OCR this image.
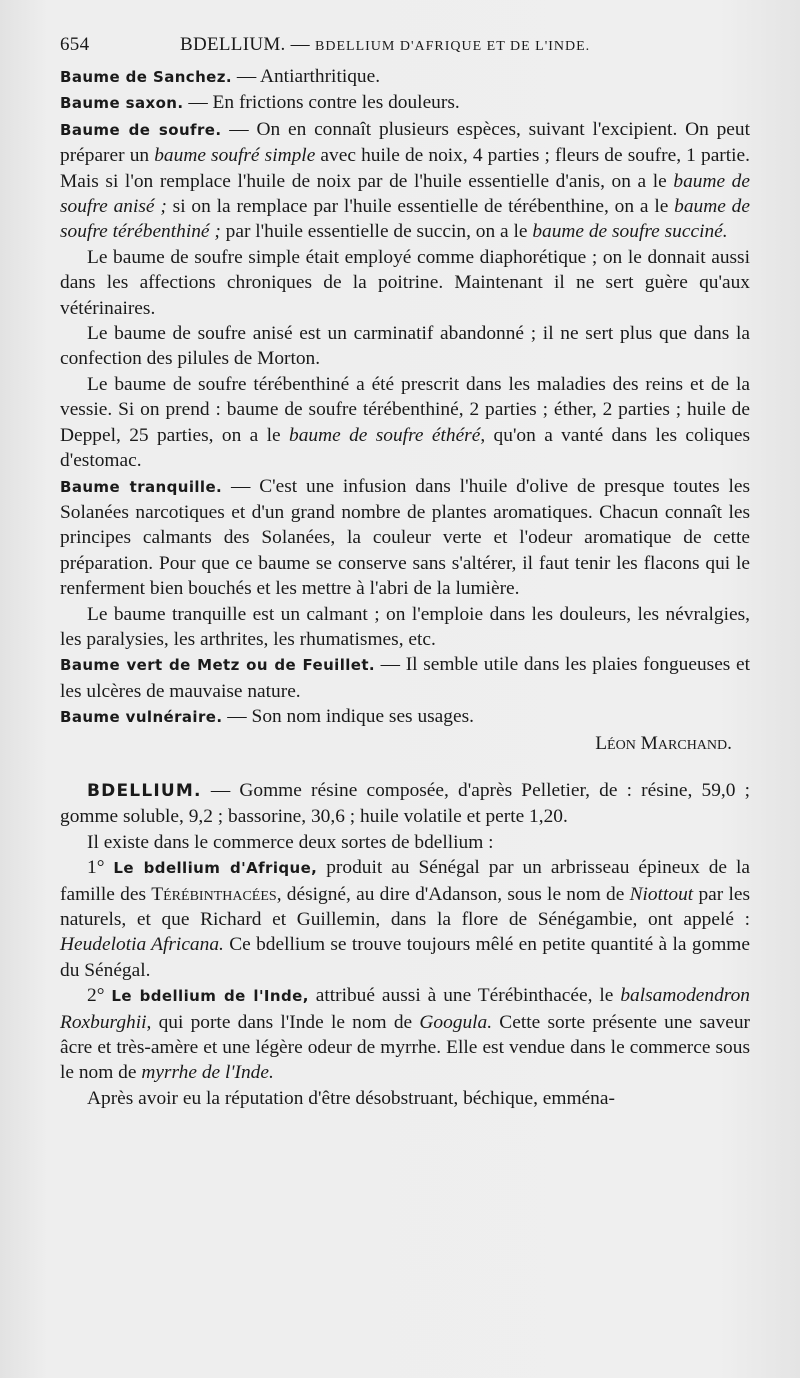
654	BDELLIUM. — BDELLIUM D'AFRIQUE ET DE L'INDE.

Baume de Sanchez. — Antiarthritique.

Baume saxon. — En frictions contre les douleurs.

Baume de soufre. — On en connaît plusieurs espèces, suivant l'excipient. On peut préparer un baume soufré simple avec huile de noix, 4 parties ; fleurs de soufre, 1 partie. Mais si l'on remplace l'huile de noix par de l'huile essentielle d'anis, on a le baume de soufre anisé ; si on la remplace par l'huile essentielle de térébenthine, on a le baume de soufre térébenthiné ; par l'huile essentielle de succin, on a le baume de soufre succiné.

Le baume de soufre simple était employé comme diaphorétique ; on le donnait aussi dans les affections chroniques de la poitrine. Maintenant il ne sert guère qu'aux vétérinaires.

Le baume de soufre anisé est un carminatif abandonné ; il ne sert plus que dans la confection des pilules de Morton.

Le baume de soufre térébenthiné a été prescrit dans les maladies des reins et de la vessie. Si on prend : baume de soufre térébenthiné, 2 parties ; éther, 2 parties ; huile de Deppel, 25 parties, on a le baume de soufre éthéré, qu'on a vanté dans les coliques d'estomac.

Baume tranquille. — C'est une infusion dans l'huile d'olive de presque toutes les Solanées narcotiques et d'un grand nombre de plantes aromatiques. Chacun connaît les principes calmants des Solanées, la couleur verte et l'odeur aromatique de cette préparation. Pour que ce baume se conserve sans s'altérer, il faut tenir les flacons qui le renferment bien bouchés et les mettre à l'abri de la lumière.

Le baume tranquille est un calmant ; on l'emploie dans les douleurs, les névralgies, les paralysies, les arthrites, les rhumatismes, etc.

Baume vert de Metz ou de Feuillet. — Il semble utile dans les plaies fongueuses et les ulcères de mauvaise nature.

Baume vulnéraire. — Son nom indique ses usages.

Léon Marchand.

BDELLIUM. — Gomme résine composée, d'après Pelletier, de : résine, 59,0 ; gomme soluble, 9,2 ; bassorine, 30,6 ; huile volatile et perte 1,20.

Il existe dans le commerce deux sortes de bdellium :

1° Le bdellium d'Afrique, produit au Sénégal par un arbrisseau épineux de la famille des Térébinthacées, désigné, au dire d'Adanson, sous le nom de Niottout par les naturels, et que Richard et Guillemin, dans la flore de Sénégambie, ont appelé : Heudelotia Africana. Ce bdellium se trouve toujours mêlé en petite quantité à la gomme du Sénégal.

2° Le bdellium de l'Inde, attribué aussi à une Térébinthacée, le balsamodendron Roxburghii, qui porte dans l'Inde le nom de Googula. Cette sorte présente une saveur âcre et très-amère et une légère odeur de myrrhe. Elle est vendue dans le commerce sous le nom de myrrhe de l'Inde.

Après avoir eu la réputation d'être désobstruant, béchique, emména-
